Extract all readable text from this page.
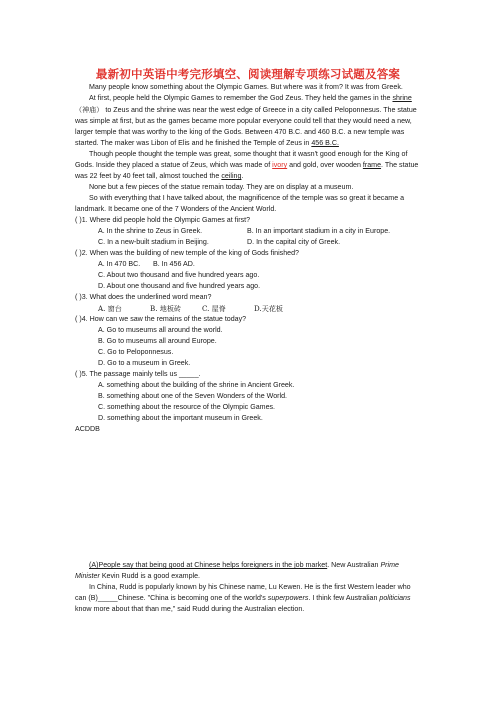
最新初中英语中考完形填空、阅读理解专项练习试题及答案

Many people know something about the Olympic Games. But where was it from? It was from Greek.

At first, people held the Olympic Games to remember the God Zeus. They held the games in the shrine（神庙） to Zeus and the shrine was near the west edge of Greece in a city called Peloponnesus. The statue was simple at first, but as the games became more popular everyone could tell that they would need a new, larger temple that was worthy to the king of the Gods. Between 470 B.C. and 460 B.C. a new temple was started. The maker was Libon of Elis and he finished the Temple of Zeus in 456 B.C.

Though people thought the temple was great, some thought that it wasn't good enough for the King of Gods. Inside they placed a statue of Zeus, which was made of ivory and gold, over wooden frame. The statue was 22 feet by 40 feet tall, almost touched the ceiling.

None but a few pieces of the statue remain today. They are on display at a museum.

So with everything that I have talked about, the magnificence of the temple was so great it became a landmark. It became one of the 7 Wonders of the Ancient World.

( )1. Where did people hold the Olympic Games at first?

A. In the shrine to Zeus in Greek.	B. In an important stadium in a city in Europe.
C. In a new-built stadium in Beijing.	D. In the capital city of Greek.

( )2. When was the building of new temple of the king of Gods finished?

A. In 470 BC.	B. In 456 AD.

C. About two thousand and five hundred years ago.

D. About one thousand and five hundred years ago.

( )3. What does the underlined word mean?

A. 窗台	B. 地板砖	C. 屋脊	D.天花板

( )4. How can we saw the remains of the statue today?

A. Go to museums all around the world.

B. Go to museums all around Europe.

C. Go to Peloponnesus.

D. Go to a museum in Greek.

( )5. The passage mainly tells us _____.

A. something about the building of the shrine in Ancient Greek.

B. something about one of the Seven Wonders of the World.

C. something about the resource of the Olympic Games.

D. something about the important museum in Greek.

ACDDB

(A)People say that being good at Chinese helps foreigners in the job market. New Australian Prime Minister Kevin Rudd is a good example.

In China, Rudd is popularly known by his Chinese name, Lu Kewen. He is the first Western leader who can (B)_____Chinese. "China is becoming one of the world's superpowers. I think few Australian politicians know more about that than me," said Rudd during the Australian election.
